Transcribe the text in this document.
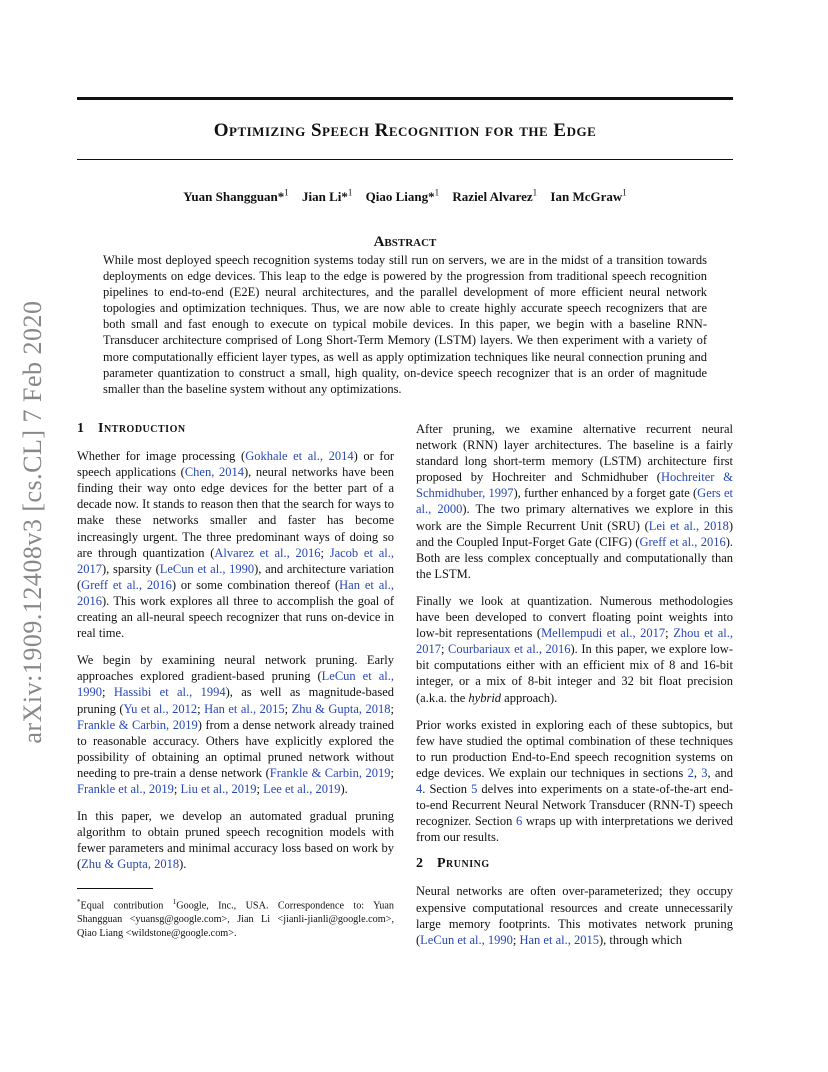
Optimizing Speech Recognition for the Edge
Yuan Shangguan*$^1$ Jian Li*$^1$ Qiao Liang*$^1$ Raziel Alvarez$^1$ Ian McGraw$^1$
Abstract
While most deployed speech recognition systems today still run on servers, we are in the midst of a transition towards deployments on edge devices. This leap to the edge is powered by the progression from traditional speech recognition pipelines to end-to-end (E2E) neural architectures, and the parallel development of more efficient neural network topologies and optimization techniques. Thus, we are now able to create highly accurate speech recognizers that are both small and fast enough to execute on typical mobile devices. In this paper, we begin with a baseline RNN-Transducer architecture comprised of Long Short-Term Memory (LSTM) layers. We then experiment with a variety of more computationally efficient layer types, as well as apply optimization techniques like neural connection pruning and parameter quantization to construct a small, high quality, on-device speech recognizer that is an order of magnitude smaller than the baseline system without any optimizations.
arXiv:1909.12408v3 [cs.CL] 7 Feb 2020 1 Introduction

Whether for image processing (Gokhale et al., 2014) or for speech applications (Chen, 2014), neural networks have been finding their way onto edge devices for the better part of a decade now. It stands to reason then that the search for ways to make these networks smaller and faster has become increasingly urgent. The three predominant ways of doing so are through quantization (Alvarez et al., 2016; Jacob et al., 2017), sparsity (LeCun et al., 1990), and architecture variation (Greff et al., 2016) or some combination thereof (Han et al., 2016). This work explores all three to accomplish the goal of creating an all-neural speech recognizer that runs on-device in real time.

We begin by examining neural network pruning. Early approaches explored gradient-based pruning (LeCun et al., 1990; Hassibi et al., 1994), as well as magnitude-based pruning (Yu et al., 2012; Han et al., 2015; Zhu & Gupta, 2018; Frankle & Carbin, 2019) from a dense network already trained to reasonable accuracy. Others have explicitly explored the possibility of obtaining an optimal pruned network without needing to pre-train a dense network (Frankle & Carbin, 2019; Frankle et al., 2019; Liu et al., 2019; Lee et al., 2019).

In this paper, we develop an automated gradual pruning algorithm to obtain pruned speech recognition models with fewer parameters and minimal accuracy loss based on work by (Zhu & Gupta, 2018).

*Equal contribution $^1$Google, Inc., USA. Correspondence to: Yuan Shangguan <yuansg@google.com>, Jian Li <jianli-jianli@google.com>, Qiao Liang <wildstone@google.com>.

After pruning, we examine alternative recurrent neural network (RNN) layer architectures. The baseline is a fairly standard long short-term memory (LSTM) architecture first proposed by Hochreiter and Schmidhuber (Hochreiter & Schmidhuber, 1997), further enhanced by a forget gate (Gers et al., 2000). The two primary alternatives we explore in this work are the Simple Recurrent Unit (SRU) (Lei et al., 2018) and the Coupled Input-Forget Gate (CIFG) (Greff et al., 2016). Both are less complex conceptually and computationally than the LSTM.

Finally we look at quantization. Numerous methodologies have been developed to convert floating point weights into low-bit representations (Mellempudi et al., 2017; Zhou et al., 2017; Courbariaux et al., 2016). In this paper, we explore low-bit computations either with an efficient mix of 8 and 16-bit integer, or a mix of 8-bit integer and 32 bit float precision (a.k.a. the hybrid approach).

Prior works existed in exploring each of these subtopics, but few have studied the optimal combination of these techniques to run production End-to-End speech recognition systems on edge devices. We explain our techniques in sections 2, 3, and 4. Section 5 delves into experiments on a state-of-the-art end-to-end Recurrent Neural Network Transducer (RNN-T) speech recognizer. Section 6 wraps up with interpretations we derived from our results.

2 Pruning

Neural networks are often over-parameterized; they occupy expensive computational resources and create unnecessarily large memory footprints. This motivates network pruning (LeCun et al., 1990; Han et al., 2015), through which
